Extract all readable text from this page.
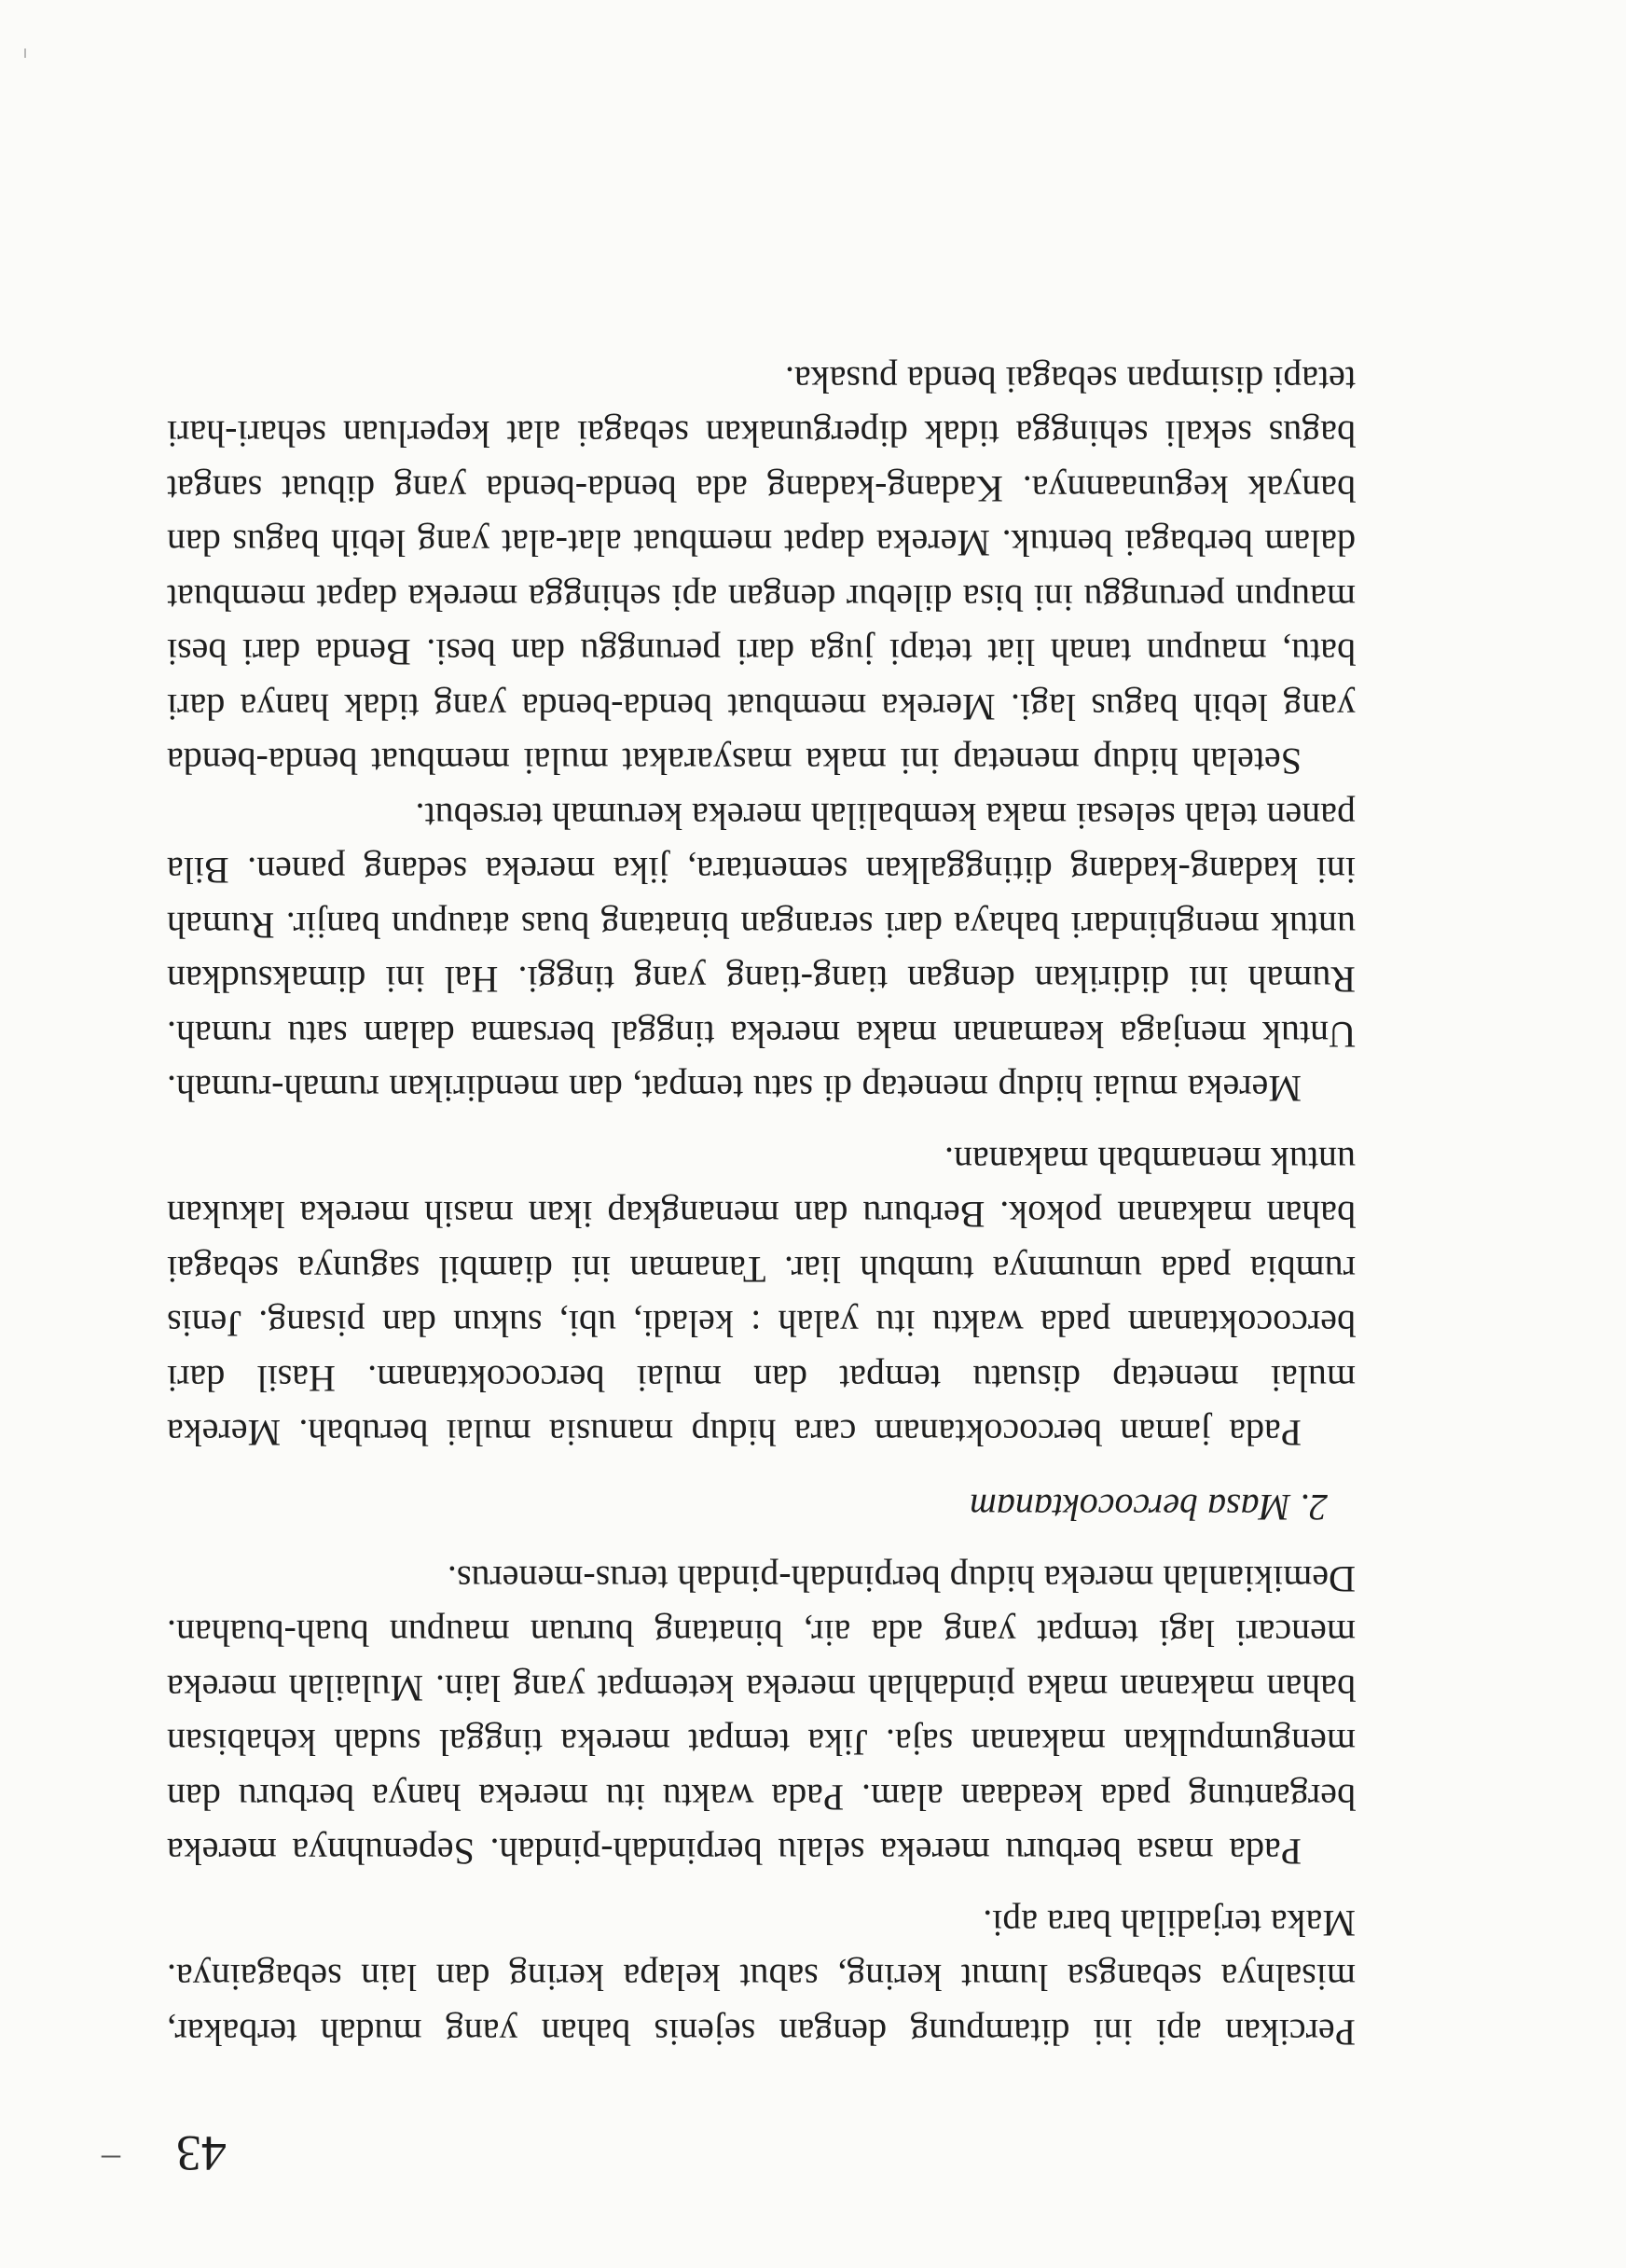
43
–

Percikan api ini ditampung dengan sejenis bahan yang mudah terbakar, misalnya sebangsa lumut kering, sabut kelapa kering dan lain sebagainya. Maka terjadilah bara api.

Pada masa berburu mereka selalu berpindah-pindah. Sepenuhnya mereka bergantung pada keadaan alam. Pada waktu itu mereka hanya berburu dan mengumpulkan makanan saja. Jika tempat mereka tinggal sudah kehabisan bahan makanan maka pindahlah mereka ketempat yang lain. Mulailah mereka mencari lagi tempat yang ada air, binatang buruan maupun buah-buahan. Demikianlah mereka hidup berpindah-pindah terus-menerus.

2. Masa bercocoktanam

Pada jaman bercocoktanam cara hidup manusia mulai berubah. Mereka mulai menetap disuatu tempat dan mulai bercocoktanam. Hasil dari bercocoktanam pada waktu itu yalah : keladi, ubi, sukun dan pisang. Jenis rumbia pada umumnya tumbuh liar. Tanaman ini diambil sagunya sebagai bahan makanan pokok. Berburu dan menangkap ikan masih mereka lakukan untuk menambah makanan.

Mereka mulai hidup menetap di satu tempat, dan mendirikan rumah-rumah. Untuk menjaga keamanan maka mereka tinggal bersama dalam satu rumah. Rumah ini didirikan dengan tiang-tiang yang tinggi. Hal ini dimaksudkan untuk menghindari bahaya dari serangan binatang buas ataupun banjir. Rumah ini kadang-kadang ditinggalkan sementara, jika mereka sedang panen. Bila panen telah selesai maka kembalilah mereka kerumah tersebut.

Setelah hidup menetap ini maka masyarakat mulai membuat benda-benda yang lebih bagus lagi. Mereka membuat benda-benda yang tidak hanya dari batu, maupun tanah liat tetapi juga dari perunggu dan besi. Benda dari besi maupun perunggu ini bisa dilebur dengan api sehingga mereka dapat membuat dalam berbagai bentuk. Mereka dapat membuat alat-alat yang lebih bagus dan banyak kegunaannya. Kadang-kadang ada benda-benda yang dibuat sangat bagus sekali sehingga tidak dipergunakan sebagai alat keperluan sehari-hari tetapi disimpan sebagai benda pusaka.
